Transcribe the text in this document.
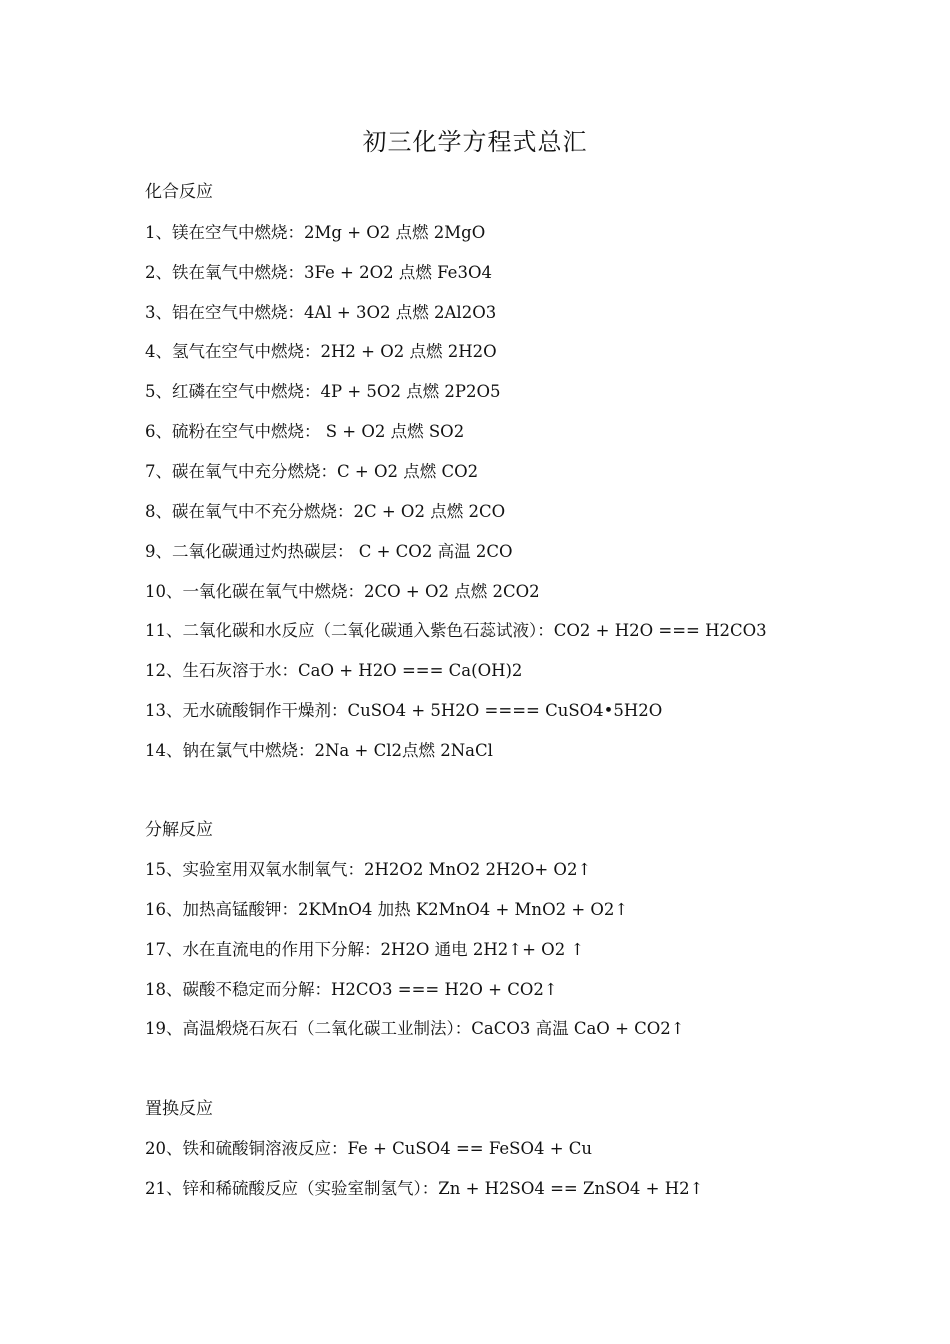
初三化学方程式总汇
化合反应
1、镁在空气中燃烧：2Mg + O2 点燃 2MgO
2、铁在氧气中燃烧：3Fe + 2O2 点燃 Fe3O4
3、铝在空气中燃烧：4Al + 3O2 点燃 2Al2O3
4、氢气在空气中燃烧：2H2 + O2 点燃 2H2O
5、红磷在空气中燃烧：4P + 5O2 点燃 2P2O5
6、硫粉在空气中燃烧： S + O2 点燃 SO2
7、碳在氧气中充分燃烧：C + O2 点燃 CO2
8、碳在氧气中不充分燃烧：2C + O2 点燃 2CO
9、二氧化碳通过灼热碳层： C + CO2 高温 2CO
10、一氧化碳在氧气中燃烧：2CO + O2 点燃 2CO2
11、二氧化碳和水反应（二氧化碳通入紫色石蕊试液）：CO2 + H2O === H2CO3
12、生石灰溶于水：CaO + H2O === Ca(OH)2
13、无水硫酸铜作干燥剂：CuSO4 + 5H2O ==== CuSO4•5H2O
14、钠在氯气中燃烧：2Na + Cl2点燃 2NaCl
分解反应
15、实验室用双氧水制氧气：2H2O2 MnO2 2H2O+ O2↑
16、加热高锰酸钾：2KMnO4 加热 K2MnO4 + MnO2 + O2↑
17、水在直流电的作用下分解：2H2O 通电 2H2↑+ O2 ↑
18、碳酸不稳定而分解：H2CO3 === H2O + CO2↑
19、高温煅烧石灰石（二氧化碳工业制法）：CaCO3 高温 CaO + CO2↑
置换反应
20、铁和硫酸铜溶液反应：Fe + CuSO4 == FeSO4 + Cu
21、锌和稀硫酸反应（实验室制氢气）：Zn + H2SO4 == ZnSO4 + H2↑
